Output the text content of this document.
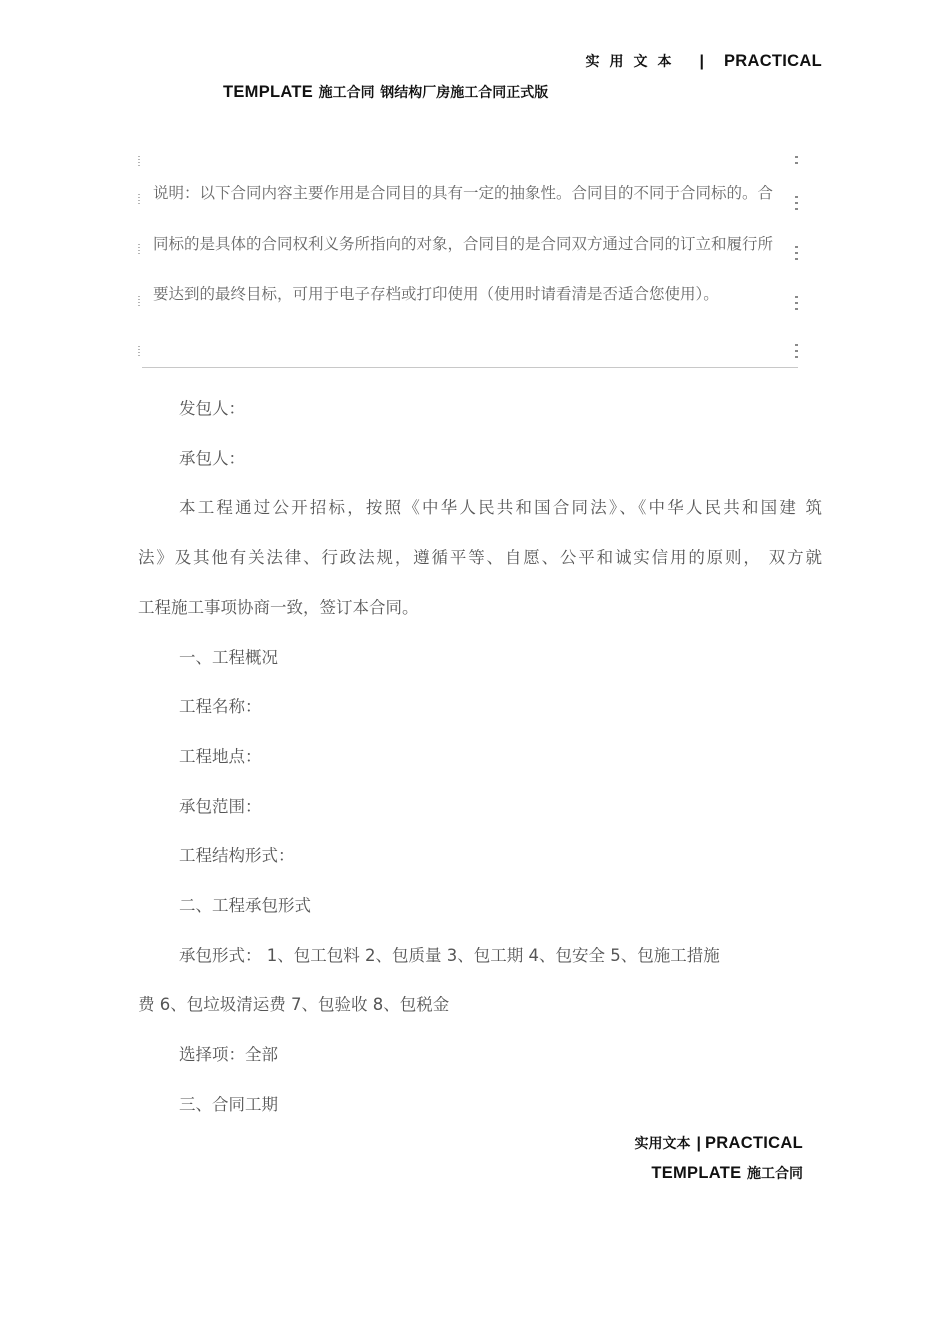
实用文本 | PRACTICAL
TEMPLATE 施工合同 钢结构厂房施工合同正式版

说明：以下合同内容主要作用是合同目的具有一定的抽象性。合同目的不同于合同标的。合同标的是具体的合同权利义务所指向的对象，合同目的是合同双方通过合同的订立和履行所要达到的最终目标，可用于电子存档或打印使用（使用时请看清是否适合您使用）。

发包人：

承包人：

本工程通过公开招标，按照《中华人民共和国合同法》、《中华人民共和国建 筑

法》及其他有关法律、行政法规，遵循平等、自愿、公平和诚实信用的原则， 双方就

工程施工事项协商一致，签订本合同。

一、工程概况

工程名称：

工程地点：

承包范围：

工程结构形式：

二、工程承包形式

承包形式： 1、包工包料 2、包质量 3、包工期 4、包安全 5、包施工措施

费 6、包垃圾清运费 7、包验收 8、包税金

选择项：全部

三、合同工期

实用文本 | PRACTICAL
TEMPLATE 施工合同
